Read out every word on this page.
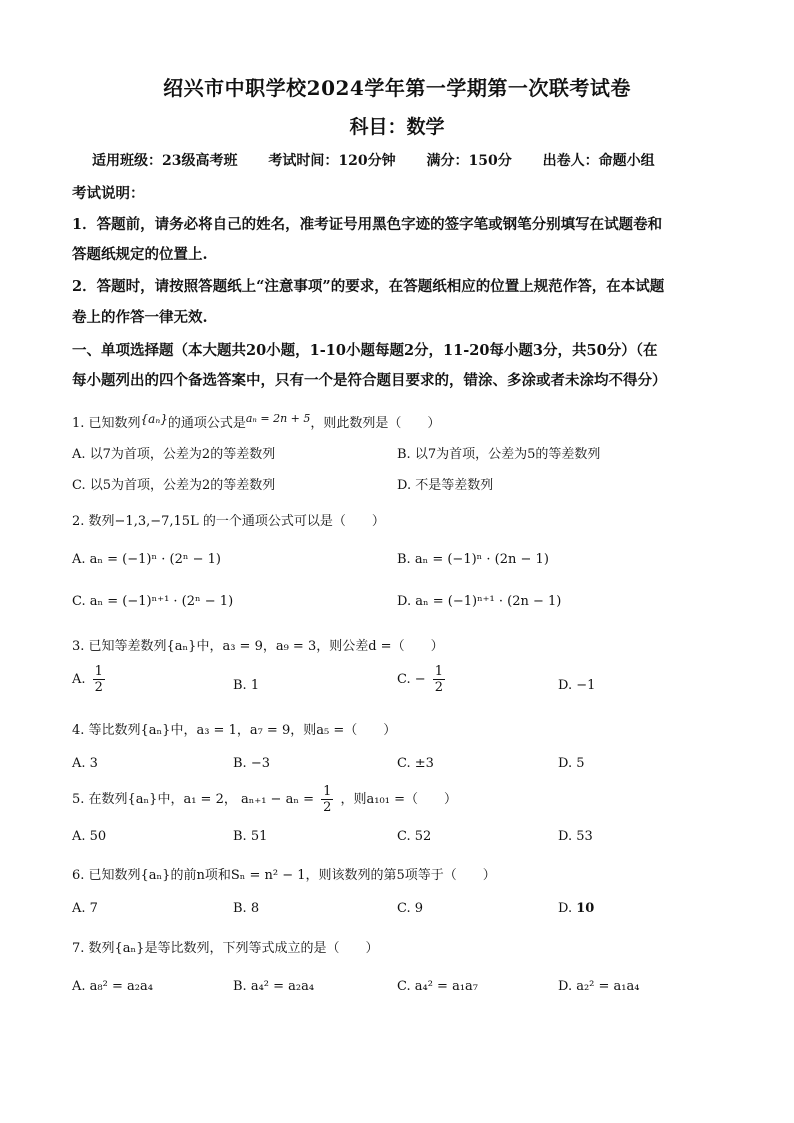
绍兴市中职学校2024学年第一学期第一次联考试卷
科目：数学
适用班级：23级高考班 考试时间：120分钟 满分：150分 出卷人：命题小组
考试说明：
1．答题前，请务必将自己的姓名，准考证号用黑色字迹的签字笔或钢笔分别填写在试题卷和
答题纸规定的位置上.
2．答题时，请按照答题纸上“注意事项”的要求，在答题纸相应的位置上规范作答，在本试题
卷上的作答一律无效.
一、单项选择题（本大题共20小题，1-10小题每题2分，11-20每小题3分，共50分）（在
每小题列出的四个备选答案中，只有一个是符合题目要求的，错涂、多涂或者未涂均不得分）
1. 已知数列{aₙ}的通项公式是$^{a_n = 2n + 5}$，则此数列是（　　）
A. 以7为首项，公差为2的等差数列	B. 以7为首项，公差为5的等差数列
C. 以5为首项，公差为2的等差数列	D. 不是等差数列
2. 数列−1,3,−7,15L 的一个通项公式可以是（　　）
A. aₙ = (−1)ⁿ · (2ⁿ − 1)	B. aₙ = (−1)ⁿ · (2n − 1)
C. aₙ = (−1)ⁿ⁺¹ · (2ⁿ − 1)	D. aₙ = (−1)ⁿ⁺¹ · (2n − 1)
3. 已知等差数列{aₙ}中，a₃ = 9，a₉ = 3，则公差d =（　　）
A. $\frac{1}{2}$	B. 1	C. − $\frac{1}{2}$	D. −1
4. 等比数列{aₙ}中，a₃ = 1，a₇ = 9，则a₅ =（　　）
A. 3	B. −3	C. ±3	D. 5
5. 在数列{aₙ}中，a₁ = 2， $a_{n+1} - a_n = \frac{1}{2}$ ，则a₁₀₁ =（　　）
A. 50	B. 51	C. 52	D. 53
6. 已知数列{aₙ}的前n项和Sₙ = n² − 1，则该数列的第5项等于（　　）
A. 7	B. 8	C. 9	D. 10
7. 数列{aₙ}是等比数列，下列等式成立的是（　　）
A. a₈² = a₂a₄	B. a₄² = a₂a₄	C. a₄² = a₁a₇	D. a₂² = a₁a₄
